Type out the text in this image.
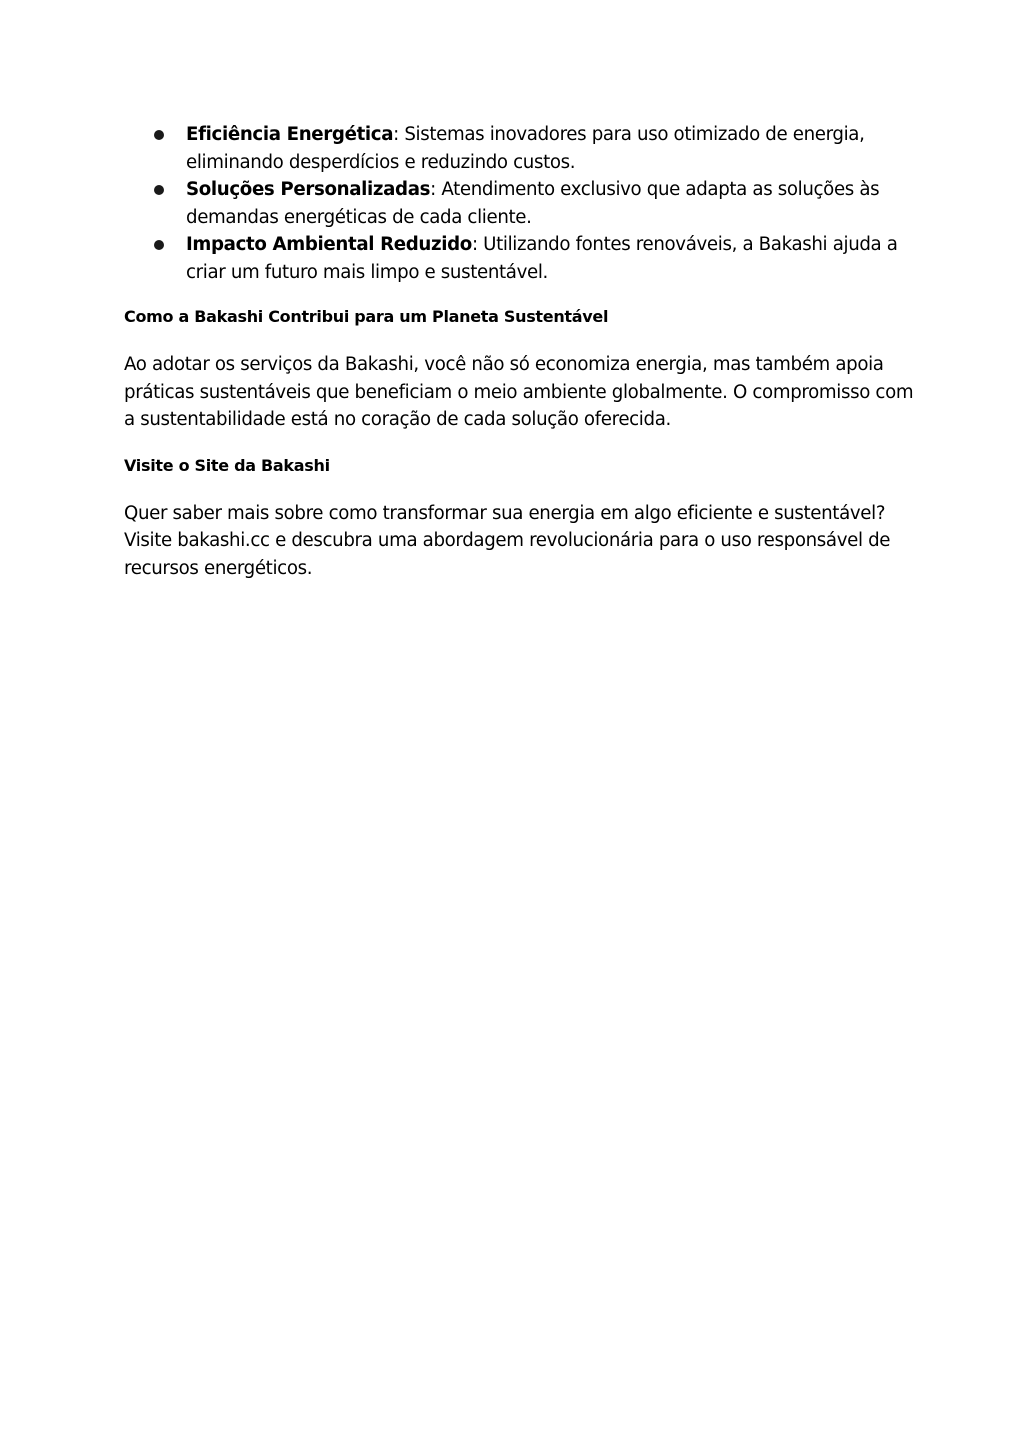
Eficiência Energética: Sistemas inovadores para uso otimizado de energia, eliminando desperdícios e reduzindo custos.
Soluções Personalizadas: Atendimento exclusivo que adapta as soluções às demandas energéticas de cada cliente.
Impacto Ambiental Reduzido: Utilizando fontes renováveis, a Bakashi ajuda a criar um futuro mais limpo e sustentável.
Como a Bakashi Contribui para um Planeta Sustentável

Ao adotar os serviços da Bakashi, você não só economiza energia, mas também apoia práticas sustentáveis que beneficiam o meio ambiente globalmente. O compromisso com a sustentabilidade está no coração de cada solução oferecida.

Visite o Site da Bakashi

Quer saber mais sobre como transformar sua energia em algo eficiente e sustentável? Visite bakashi.cc e descubra uma abordagem revolucionária para o uso responsável de recursos energéticos.
